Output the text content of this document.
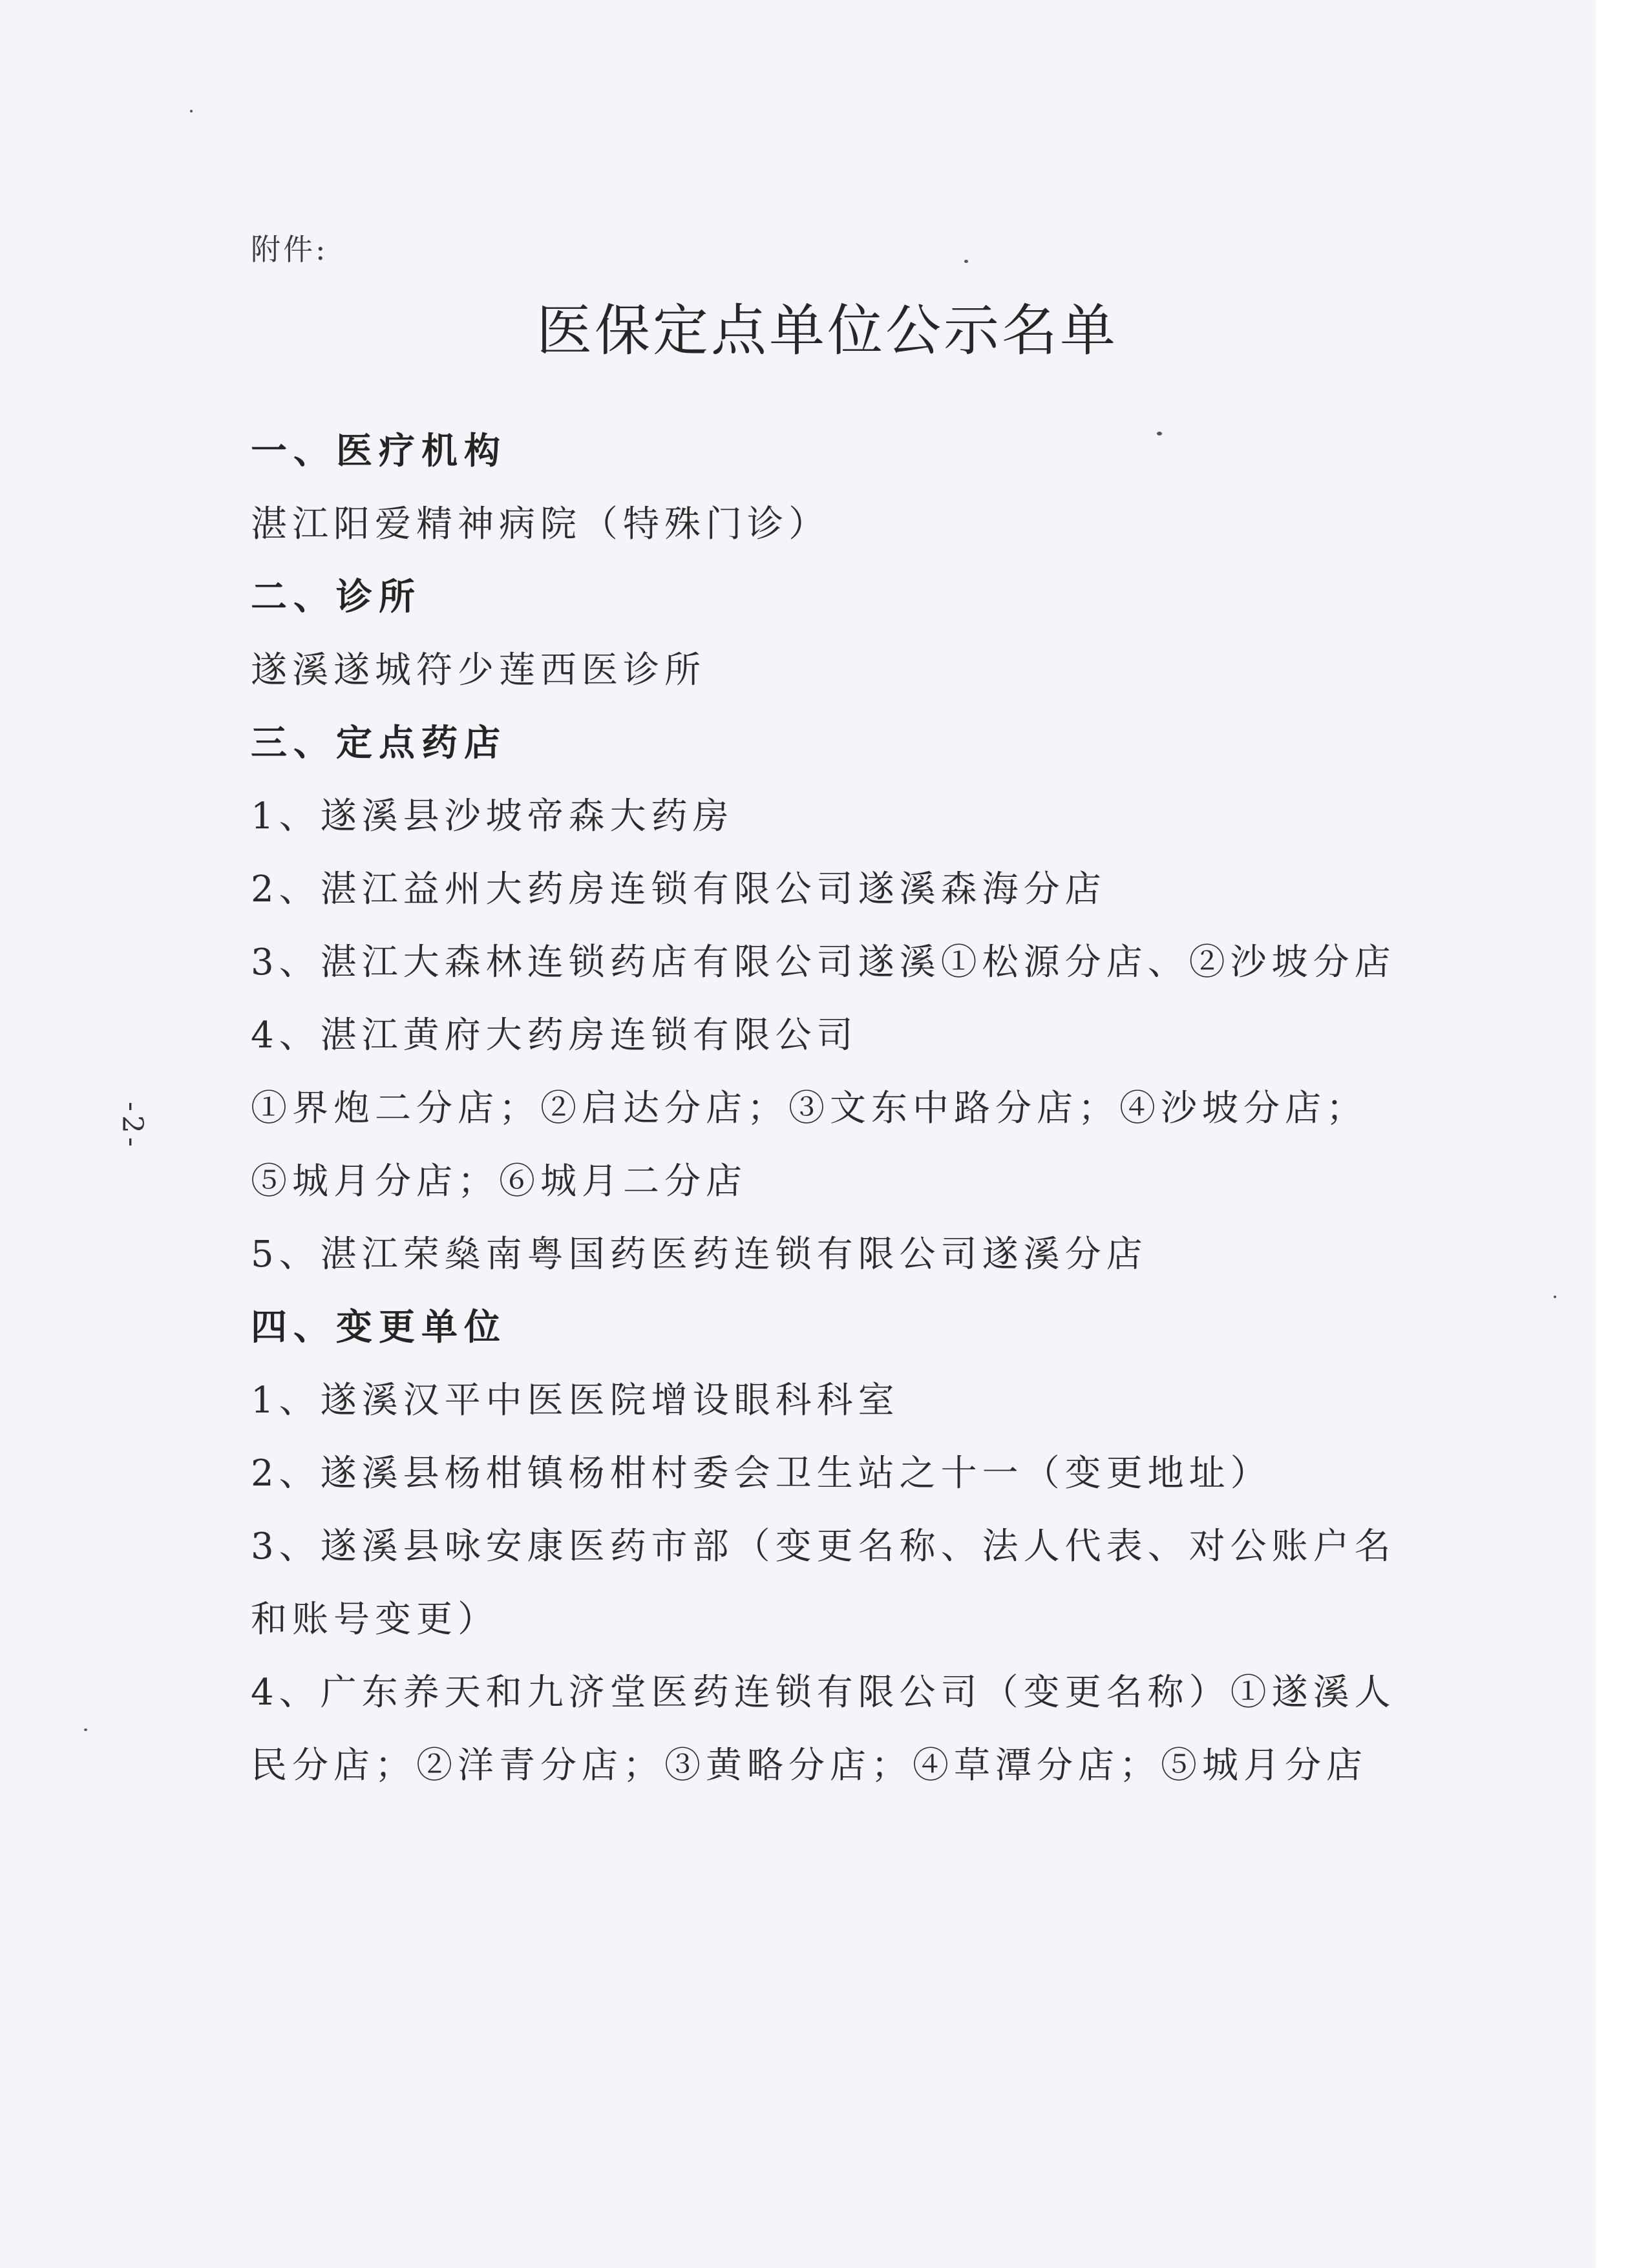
附件:
医保定点单位公示名单
一、医疗机构
湛江阳爱精神病院（特殊门诊）
二、诊所
遂溪遂城符少莲西医诊所
三、定点药店
1、遂溪县沙坡帝森大药房
2、湛江益州大药房连锁有限公司遂溪森海分店
3、湛江大森林连锁药店有限公司遂溪①松源分店、②沙坡分店
4、湛江黄府大药房连锁有限公司
①界炮二分店；②启达分店；③文东中路分店；④沙坡分店；
⑤城月分店；⑥城月二分店
5、湛江荣燊南粤国药医药连锁有限公司遂溪分店
四、变更单位
1、遂溪汉平中医医院增设眼科科室
2、遂溪县杨柑镇杨柑村委会卫生站之十一（变更地址）
3、遂溪县咏安康医药市部（变更名称、法人代表、对公账户名
和账号变更）
4、广东养天和九济堂医药连锁有限公司（变更名称）①遂溪人
民分店；②洋青分店；③黄略分店；④草潭分店；⑤城月分店
-2-
